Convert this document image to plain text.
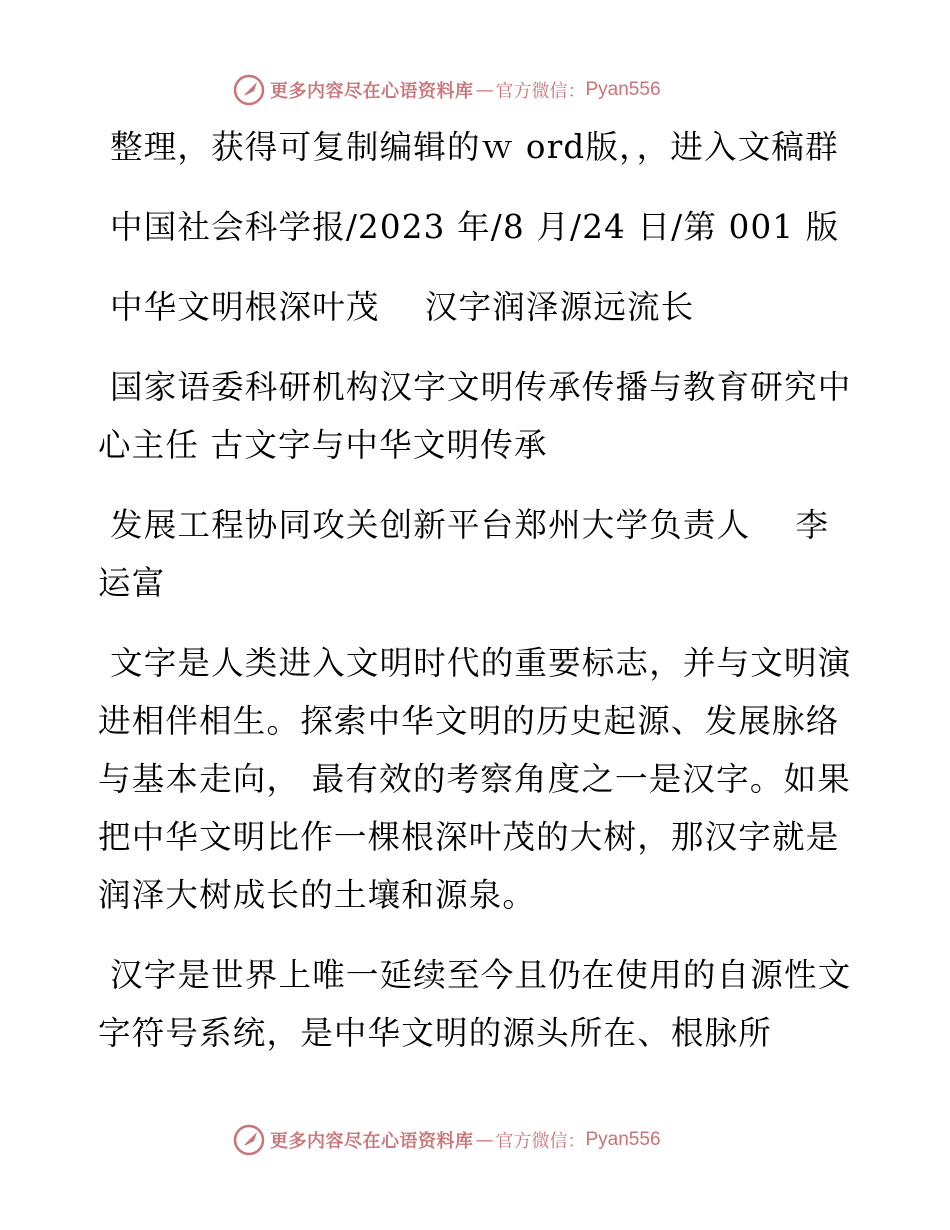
更多内容尽在心语资料库 — 官方微信： Pyan556

整理，获得可复制编辑的ｗ ord版，，进入文稿群

中国社会科学报/2023 年/8 月/24 日/第 001 版

中华文明根深叶茂　 汉字润泽源远流长

国家语委科研机构汉字文明传承传播与教育研究中心主任 古文字与中华文明传承

发展工程协同攻关创新平台郑州大学负责人　 李运富

文字是人类进入文明时代的重要标志，并与文明演进相伴相生。探索中华文明的历史起源、发展脉络与基本走向， 最有效的考察角度之一是汉字。如果把中华文明比作一棵根深叶茂的大树，那汉字就是润泽大树成长的土壤和源泉。

汉字是世界上唯一延续至今且仍在使用的自源性文字符号系统，是中华文明的源头所在、根脉所

更多内容尽在心语资料库 — 官方微信： Pyan556
